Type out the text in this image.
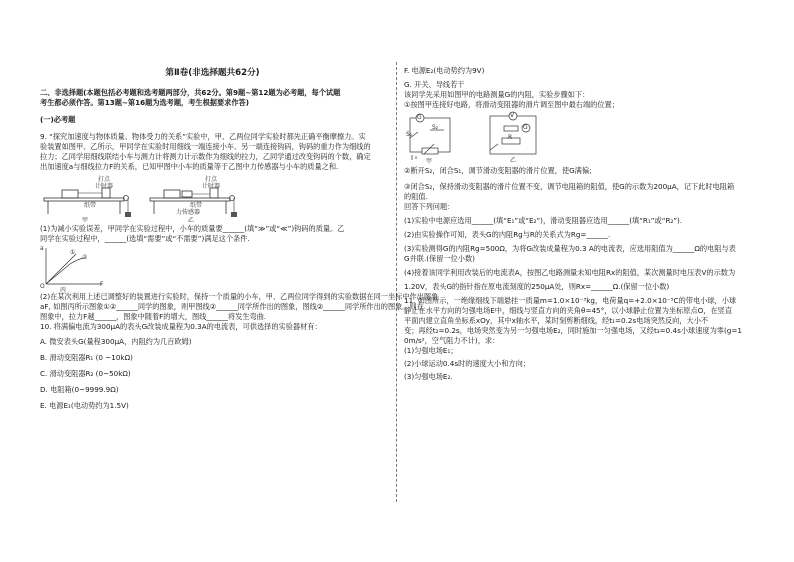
第Ⅱ卷(非选择题共62分)

二、非选择题(本题包括必考题和选考题两部分，共62分。第9题~第12题为必考题，每个试题

考生都必须作答。第13题~第16题为选考题，考生根据要求作答)

(一)必考题

9. “探究加速度与物体质量、物体受力的关系”实验中，甲、乙两位同学实验时都先正确平衡摩擦力。实

验装置如图甲、乙所示，甲同学在实验时用细线一端连接小车、另一端连接钩码，钩码的重力作为细线的

拉力；乙同学用细线联结小车与测力计将测力计示数作为细线的拉力，乙同学通过改变钩码的个数，确定

出加速度a与细线拉力F的关系，已知甲图中小车的质量等于乙图中力传感器与小车的质量之和.

打点
计时器
纸带
打点
计时器
纸带
力传感器
甲	乙

(1)为减小实验误差，甲同学在实验过程中，小车的质量要______(填“≫”或“≪”)钩码的质量。乙

同学在实验过程中，______(选填“需要”或“不需要”)满足这个条件.

a
F
O
①
②
丙

(2)在某次利用上述已调整好的装置进行实验时，保持一个质量的小车，甲、乙两位同学得到的实验数据在同一坐标中作出图象

aF, 如图丙所示图象①②______同学的图象，则甲图线②______同学所作出的图象，图线②______同学所作出的图象。则在

图象中，拉力F越______，图象中随着F的增大，图线______将发生弯曲.

10. 将满偏电流为300μA的表头G改装成量程为0.3A的电流表，可供选择的实验器材有：

A. 微安表头G(量程300μA，内阻约为几百欧姆)

B. 滑动变阻器R₁ (0 ~10kΩ)

C. 滑动变阻器R₂ (0~50kΩ)

D. 电阻箱(0~9999.9Ω)

E. 电源E₁(电动势约为1.5V)

F. 电源E₂(电动势约为9V)

G. 开关、导线若干

该同学先采用如图甲的电路测量G的内阻，实验步骤如下：

①按图甲连接好电路，将滑动变阻器的滑片调至图中最右端的位置；

G
S₂
S₁
V
G
R
甲	乙

②断开S₂，闭合S₁，调节滑动变阻器的滑片位置，使G满偏；

③闭合S₂，保持滑动变阻器的滑片位置不变，调节电阻箱的阻值，使G的示数为200μA，记下此时电阻箱

的阻值.

回答下列问题：

(1)实验中电源应选用______(填“E₁”或“E₂”)，滑动变阻器应选用______(填“R₁”或“R₂”).

(2)由实验操作可知，表头G的内阻Rg与R的关系式为Rg=______.

(3)实验测得G的内阻Rg=500Ω，为将G改装成量程为0.3 A的电流表，应选用阻值为______Ω的电阻与表

G并联.(保留一位小数)

(4)接着该同学利用改装后的电流表A，按图乙电路测量未知电阻Rx的阻值，某次测量时电压表V的示数为

1.20V，表头G的指针指在原电流刻度的250μA处，则Rx=______Ω.(保留一位小数)

11. 如图所示，一绝缘细线下端悬挂一质量m=1.0×10⁻³kg，电荷量q=+2.0×10⁻⁵C的带电小球，小球

静止在水平方向的匀强电场E中，细线与竖直方向的夹角θ=45°，以小球静止位置为坐标原点O，在竖直

平面内建立直角坐标系xOy，其中x轴水平，某时刻剪断细线，经t₁=0.2s电场突然反向，大小不

变；再经t₂=0.2s，电场突然变为另一匀强电场E₂，同时施加一匀强电场，又经t₃=0.4s小球速度为零(g=1

0m/s²，空气阻力不计)，求：

(1)匀强电场E₁；

(2)小球运动0.4s时的速度大小和方向；

(3)匀强电场E₂.
